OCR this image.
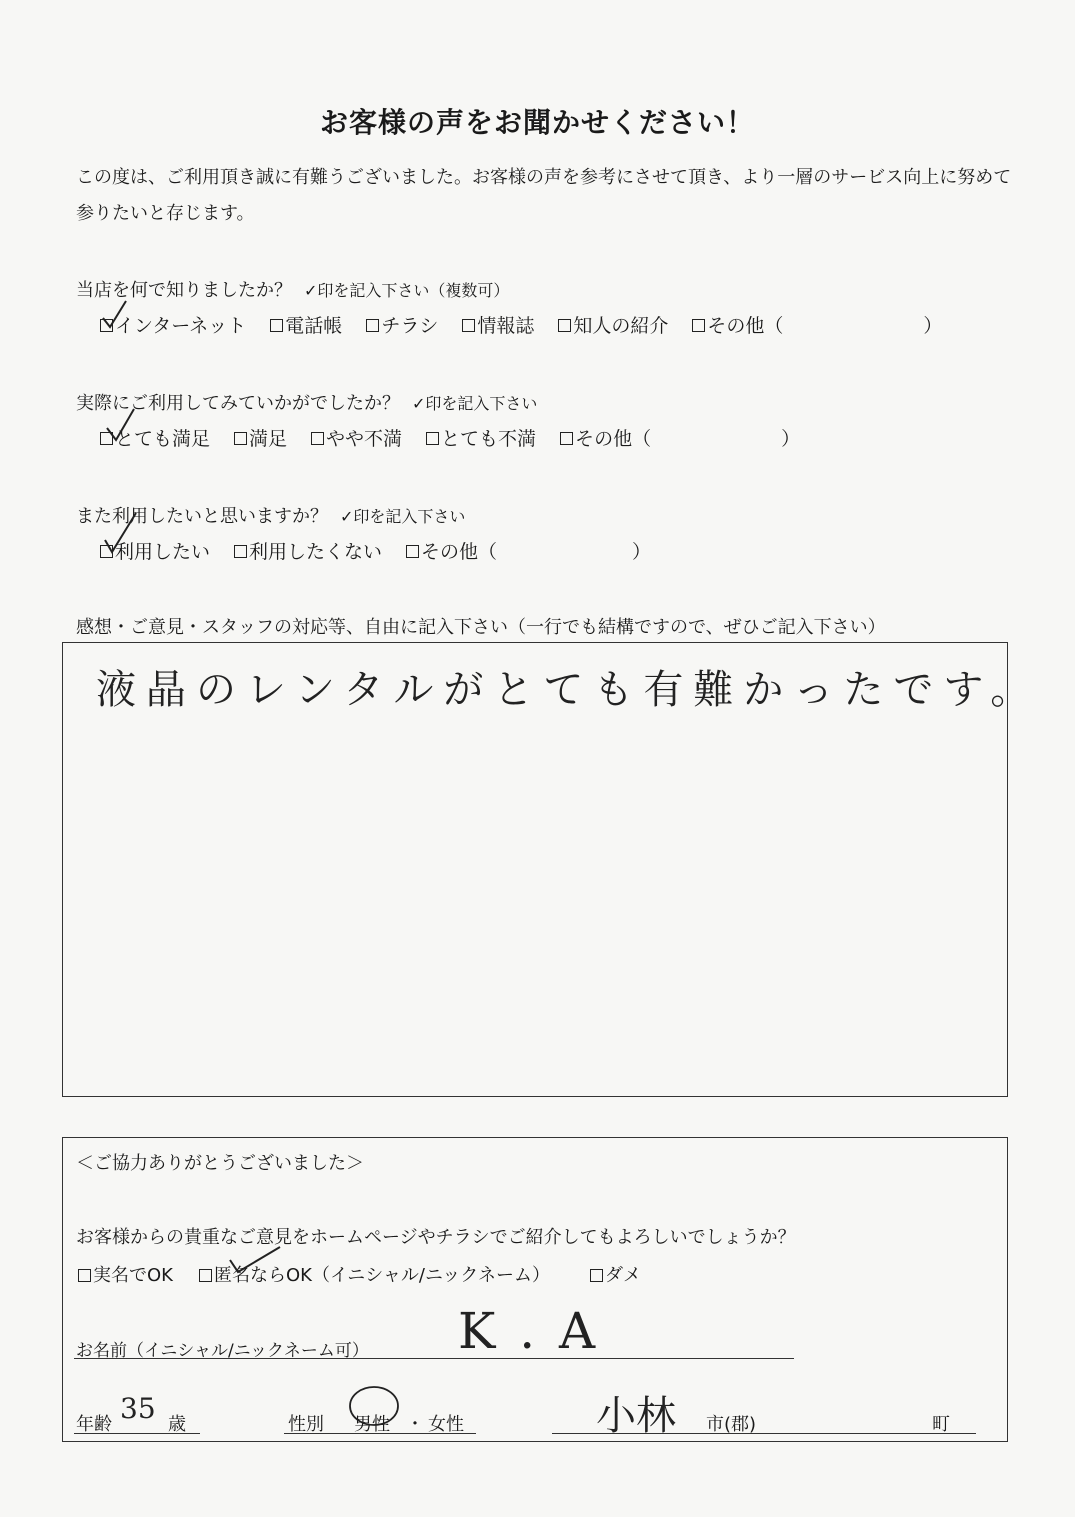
お客様の声をお聞かせください！
この度は、ご利用頂き誠に有難うございました。お客様の声を参考にさせて頂き、より一層のサービス向上に努めて参りたいと存じます。
当店を何で知りましたか？ ✓印を記入下さい（複数可）
インターネット 電話帳 チラシ 情報誌 知人の紹介 その他（	）
実際にご利用してみていかがでしたか？ ✓印を記入下さい
とても満足 満足 やや不満 とても不満 その他（	）
また利用したいと思いますか？ ✓印を記入下さい
利用したい 利用したくない その他（	）
感想・ご意見・スタッフの対応等、自由に記入下さい（一行でも結構ですので、ぜひご記入下さい）
液晶のレンタルがとても有難かったです。
＜ご協力ありがとうございました＞
お客様からの貴重なご意見をホームページやチラシでご紹介してもよろしいでしょうか？
実名でOK 匿名ならOK（イニシャル/ニックネーム）	ダメ
お名前（イニシャル/ニックネーム可） K . A
年齢 35 歳	性別 男性 ・ 女性	小林 市(郡)	町
